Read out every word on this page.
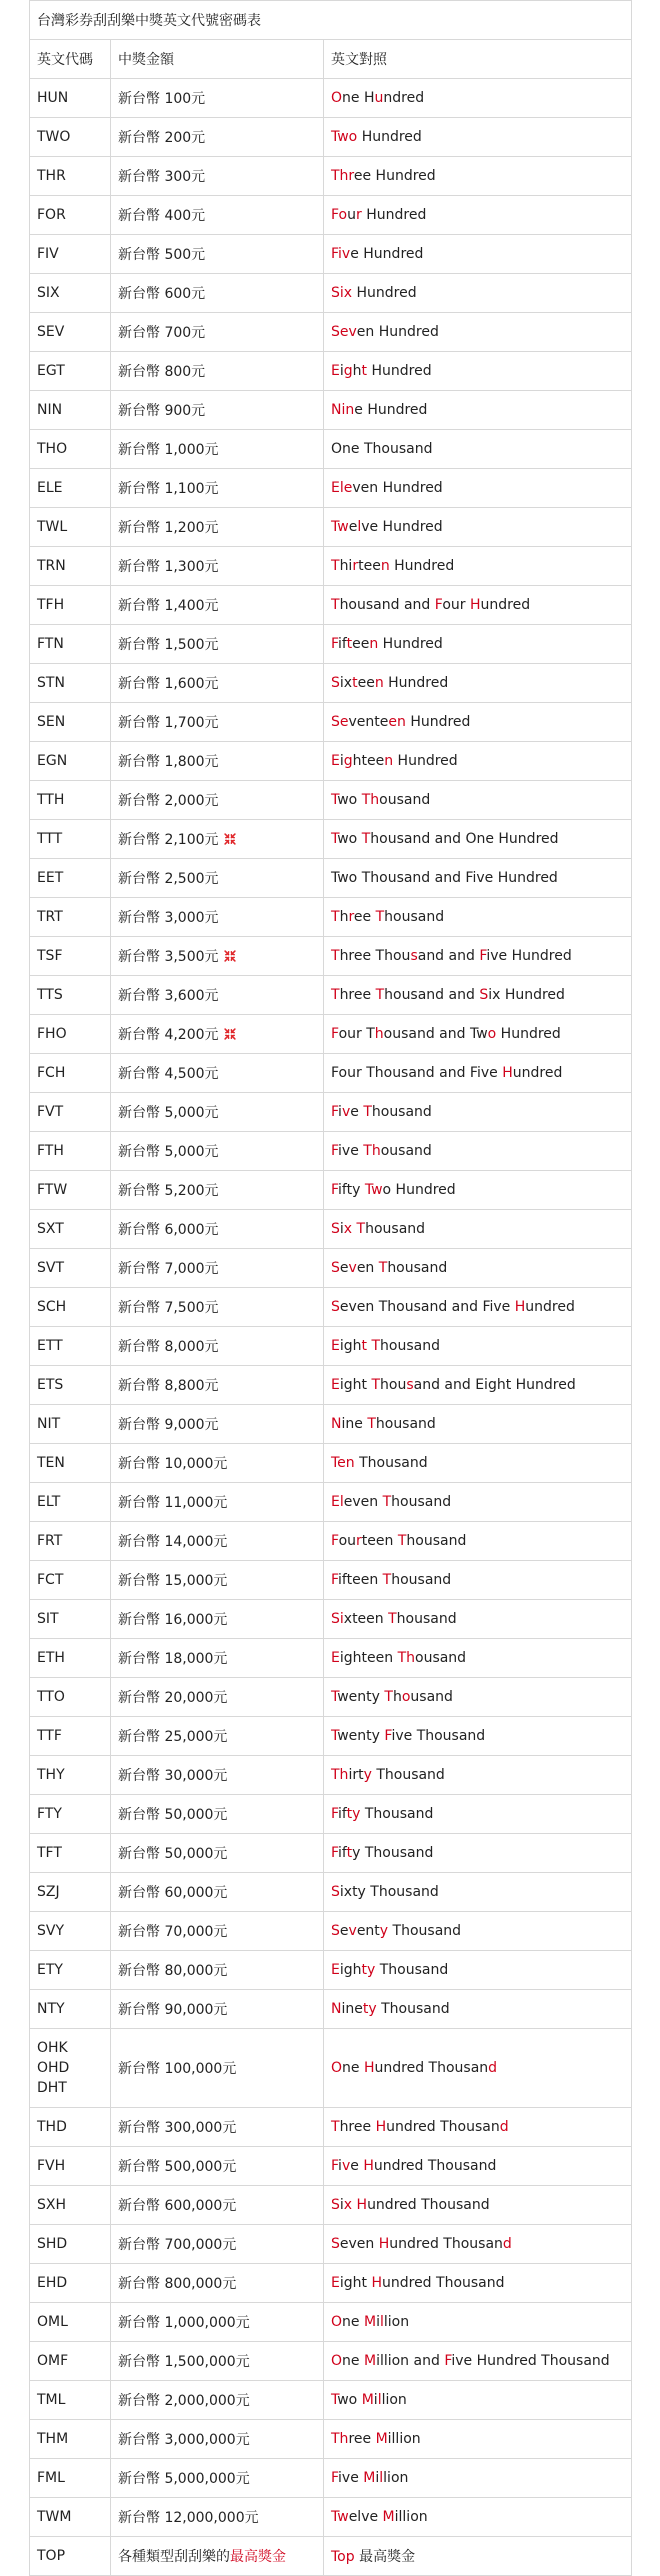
台灣彩券刮刮樂中獎英文代號密碼表		
英文代碼	中獎金額	英文對照

HUN	新台幣 100元	One Hundred

TWO	新台幣 200元	Two Hundred

THR	新台幣 300元	Three Hundred

FOR	新台幣 400元	Four Hundred

FIV	新台幣 500元	Five Hundred

SIX	新台幣 600元	Six Hundred

SEV	新台幣 700元	Seven Hundred

EGT	新台幣 800元	Eight Hundred

NIN	新台幣 900元	Nine Hundred

THO	新台幣 1,000元	One Thousand

ELE	新台幣 1,100元	Eleven Hundred

TWL	新台幣 1,200元	Twelve Hundred

TRN	新台幣 1,300元	Thirteen Hundred

TFH	新台幣 1,400元	Thousand and Four Hundred

FTN	新台幣 1,500元	Fifteen Hundred

STN	新台幣 1,600元	Sixteen Hundred

SEN	新台幣 1,700元	Seventeen Hundred

EGN	新台幣 1,800元	Eighteen Hundred

TTH	新台幣 2,000元	Two Thousand

TTT	新台幣 2,100元	Two Thousand and One Hundred

EET	新台幣 2,500元	Two Thousand and Five Hundred

TRT	新台幣 3,000元	Three Thousand

TSF	新台幣 3,500元	Three Thousand and Five Hundred

TTS	新台幣 3,600元	Three Thousand and Six Hundred

FHO	新台幣 4,200元	Four Thousand and Two Hundred

FCH	新台幣 4,500元	Four Thousand and Five Hundred

FVT	新台幣 5,000元	Five Thousand

FTH	新台幣 5,000元	Five Thousand

FTW	新台幣 5,200元	Fifty Two Hundred

SXT	新台幣 6,000元	Six Thousand

SVT	新台幣 7,000元	Seven Thousand

SCH	新台幣 7,500元	Seven Thousand and Five Hundred

ETT	新台幣 8,000元	Eight Thousand

ETS	新台幣 8,800元	Eight Thousand and Eight Hundred

NIT	新台幣 9,000元	Nine Thousand

TEN	新台幣 10,000元	Ten Thousand

ELT	新台幣 11,000元	Eleven Thousand

FRT	新台幣 14,000元	Fourteen Thousand

FCT	新台幣 15,000元	Fifteen Thousand

SIT	新台幣 16,000元	Sixteen Thousand

ETH	新台幣 18,000元	Eighteen Thousand

TTO	新台幣 20,000元	Twenty Thousand

TTF	新台幣 25,000元	Twenty Five Thousand

THY	新台幣 30,000元	Thirty Thousand

FTY	新台幣 50,000元	Fifty Thousand

TFT	新台幣 50,000元	Fifty Thousand

SZJ	新台幣 60,000元	Sixty Thousand

SVY	新台幣 70,000元	Seventy Thousand

ETY	新台幣 80,000元	Eighty Thousand

NTY	新台幣 90,000元	Ninety Thousand

OHK
OHD
DHT	新台幣 100,000元	One Hundred Thousand

THD	新台幣 300,000元	Three Hundred Thousand

FVH	新台幣 500,000元	Five Hundred Thousand

SXH	新台幣 600,000元	Six Hundred Thousand

SHD	新台幣 700,000元	Seven Hundred Thousand

EHD	新台幣 800,000元	Eight Hundred Thousand

OML	新台幣 1,000,000元	One Million

OMF	新台幣 1,500,000元	One Million and Five Hundred Thousand

TML	新台幣 2,000,000元	Two Million

THM	新台幣 3,000,000元	Three Million

FML	新台幣 5,000,000元	Five Million

TWM	新台幣 12,000,000元	Twelve Million

TOP	各種類型刮刮樂的最高獎金	Top 最高獎金
